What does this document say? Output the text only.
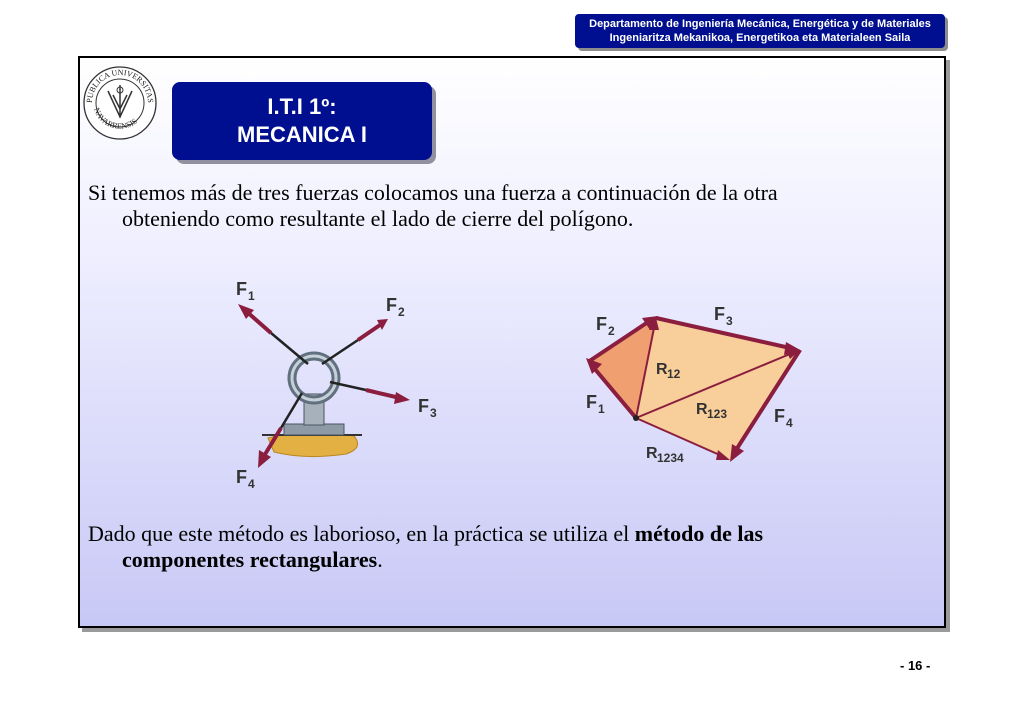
Departamento de Ingeniería Mecánica, Energética y de Materiales
Ingeniaritza Mekanikoa, Energetikoa eta Materialeen Saila
PUBLICA UNIVERSITAS
NAVARRENSIS
I.T.I 1º:
MECANICA I

Si tenemos más de tres fuerzas colocamos una fuerza a continuación de la otra
obteniendo como resultante el lado de cierre del polígono.

F 1	F 2
F 3
F 4
F 2
F 3
F 1	F 4
R 12
R 123
R 1234

Dado que este método es laborioso, en la práctica se utiliza el método de las
componentes rectangulares.

- 16 -
